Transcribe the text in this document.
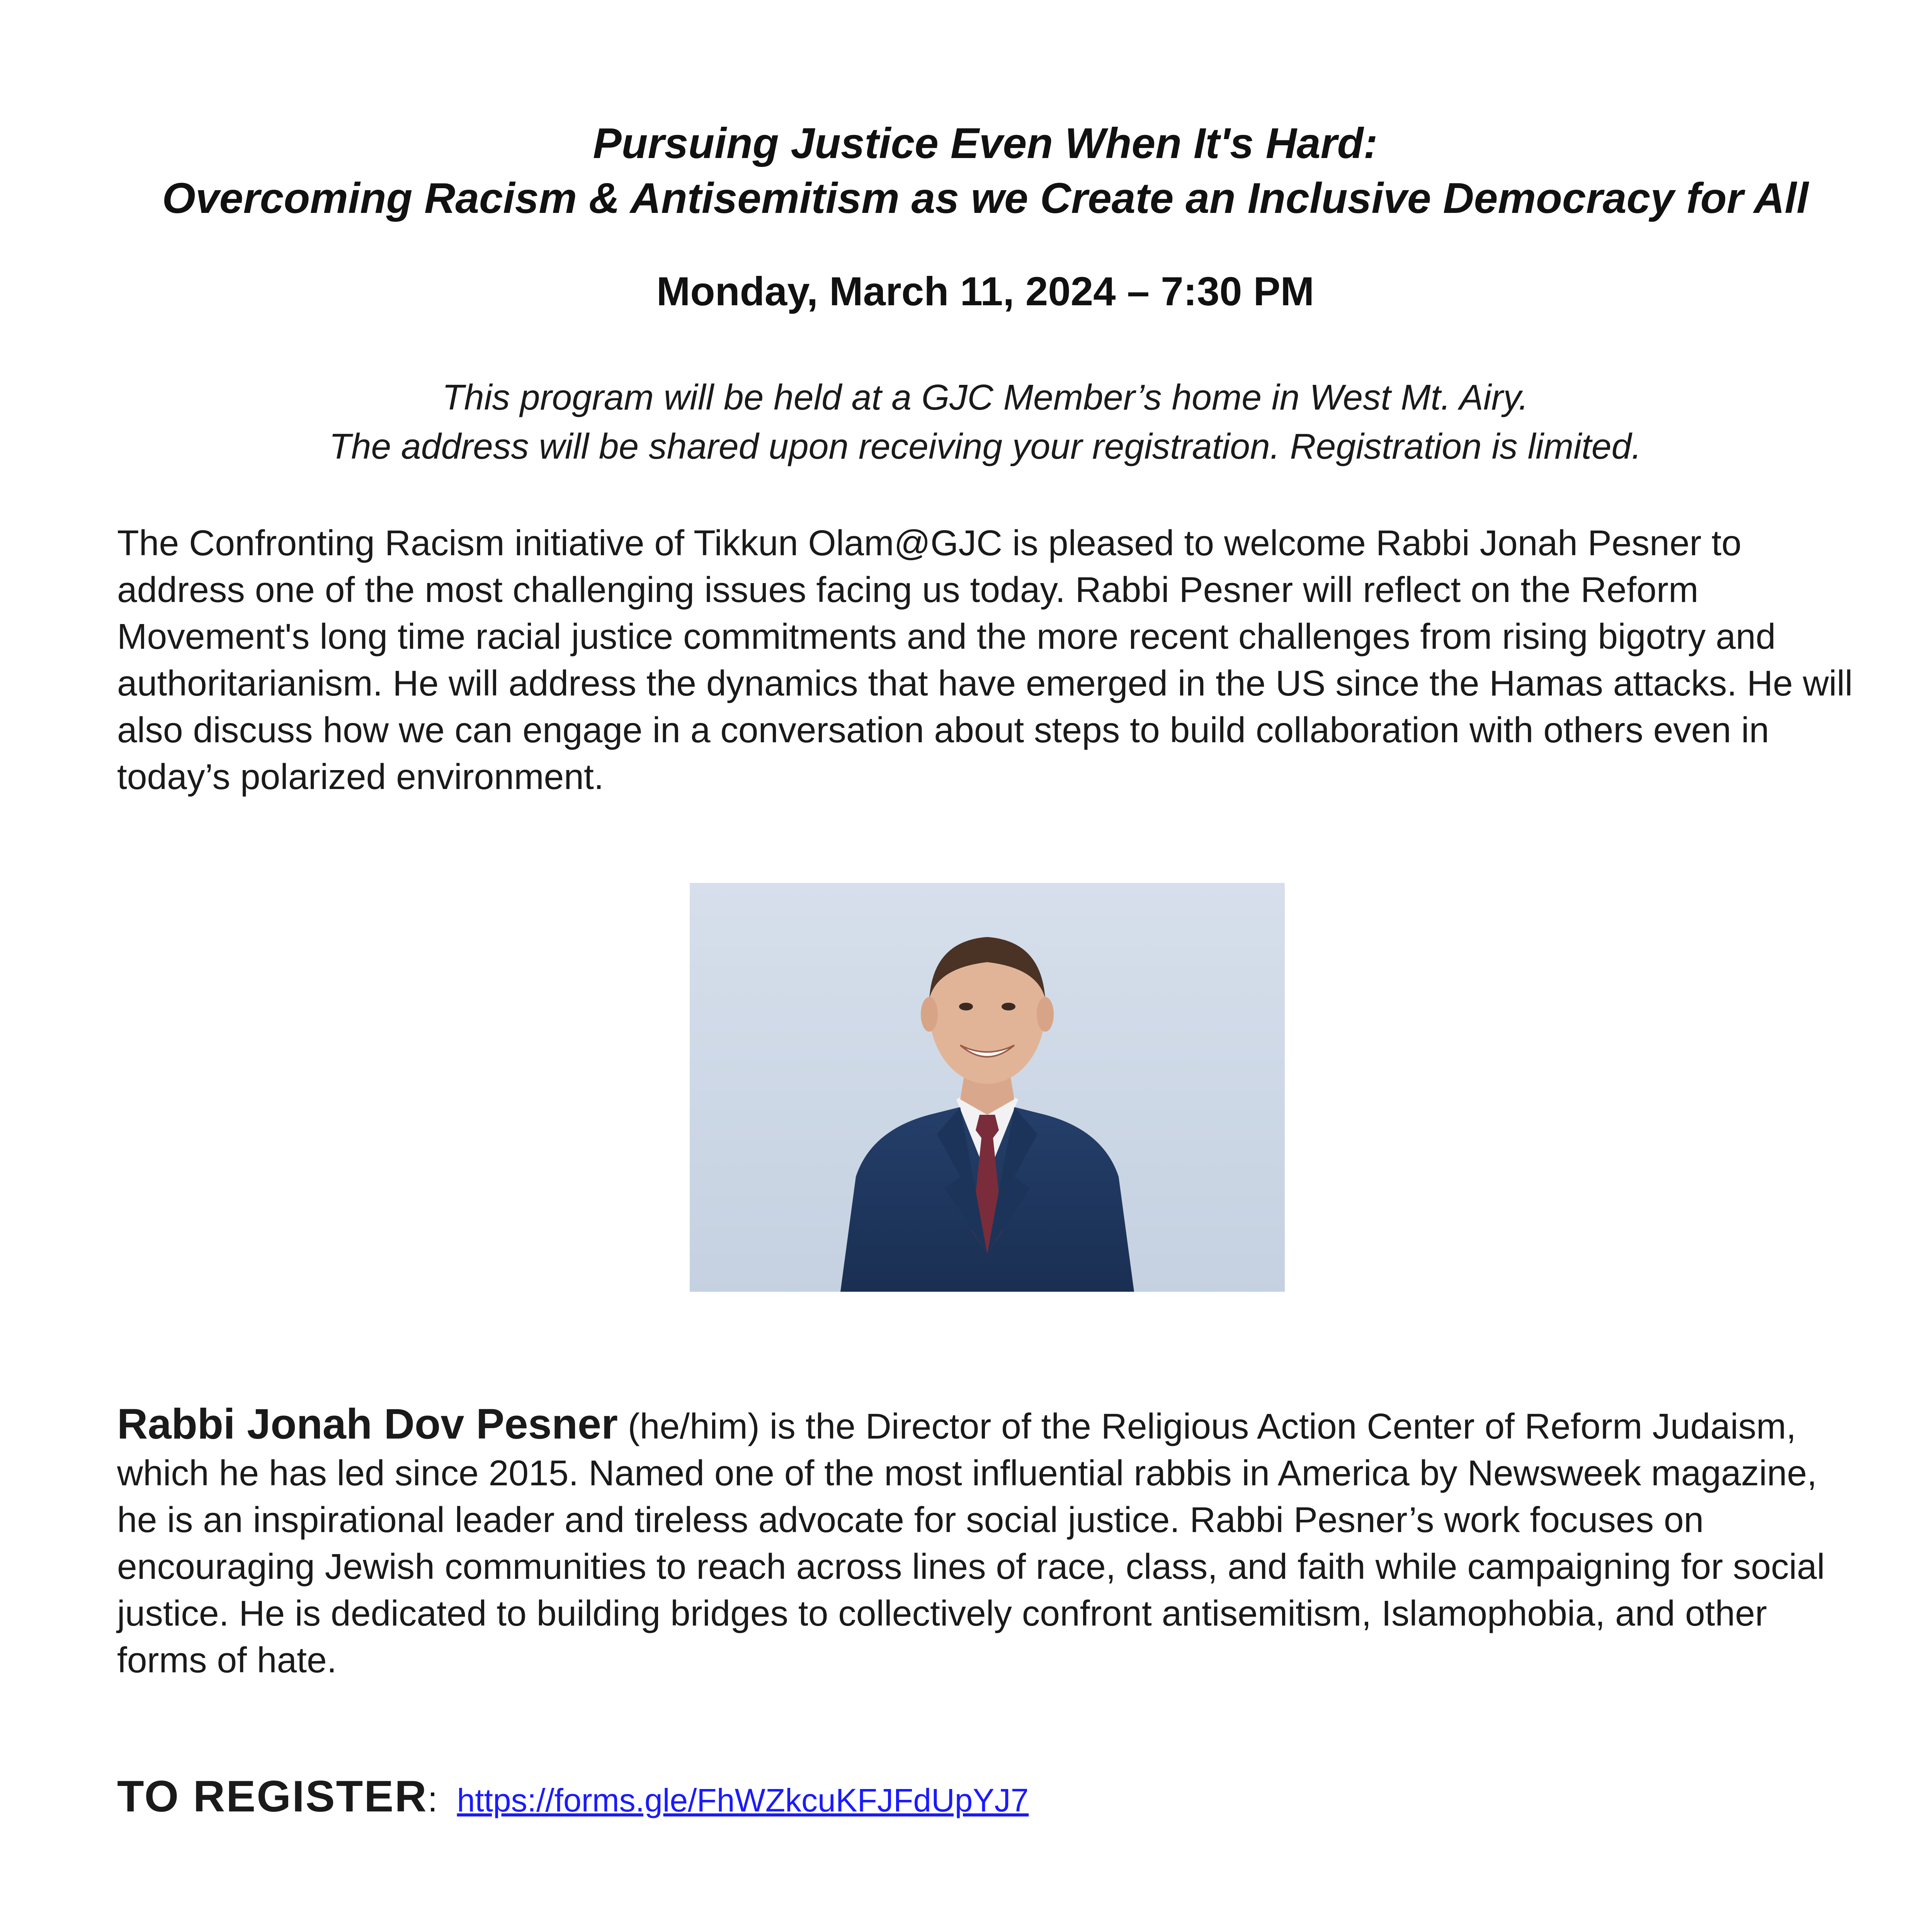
Pursuing Justice Even When It's Hard:

Overcoming Racism & Antisemitism as we Create an Inclusive Democracy for All

Monday, March 11, 2024 – 7:30 PM
This program will be held at a GJC Member’s home in West Mt. Airy.
The address will be shared upon receiving your registration. Registration is limited.

The Confronting Racism initiative of Tikkun Olam@GJC is pleased to welcome Rabbi Jonah Pesner to address one of the most challenging issues facing us today. Rabbi Pesner will reflect on the Reform Movement's long time racial justice commitments and the more recent challenges from rising bigotry and authoritarianism. He will address the dynamics that have emerged in the US since the Hamas attacks. He will also discuss how we can engage in a conversation about steps to build collaboration with others even in today’s polarized environment.

Rabbi Jonah Dov Pesner (he/him) is the Director of the Religious Action Center of Reform Judaism, which he has led since 2015. Named one of the most influential rabbis in America by Newsweek magazine, he is an inspirational leader and tireless advocate for social justice. Rabbi Pesner’s work focuses on encouraging Jewish communities to reach across lines of race, class, and faith while campaigning for social justice. He is dedicated to building bridges to collectively confront antisemitism, Islamophobia, and other forms of hate.
TO REGISTER: https://forms.gle/FhWZkcuKFJFdUpYJ7
